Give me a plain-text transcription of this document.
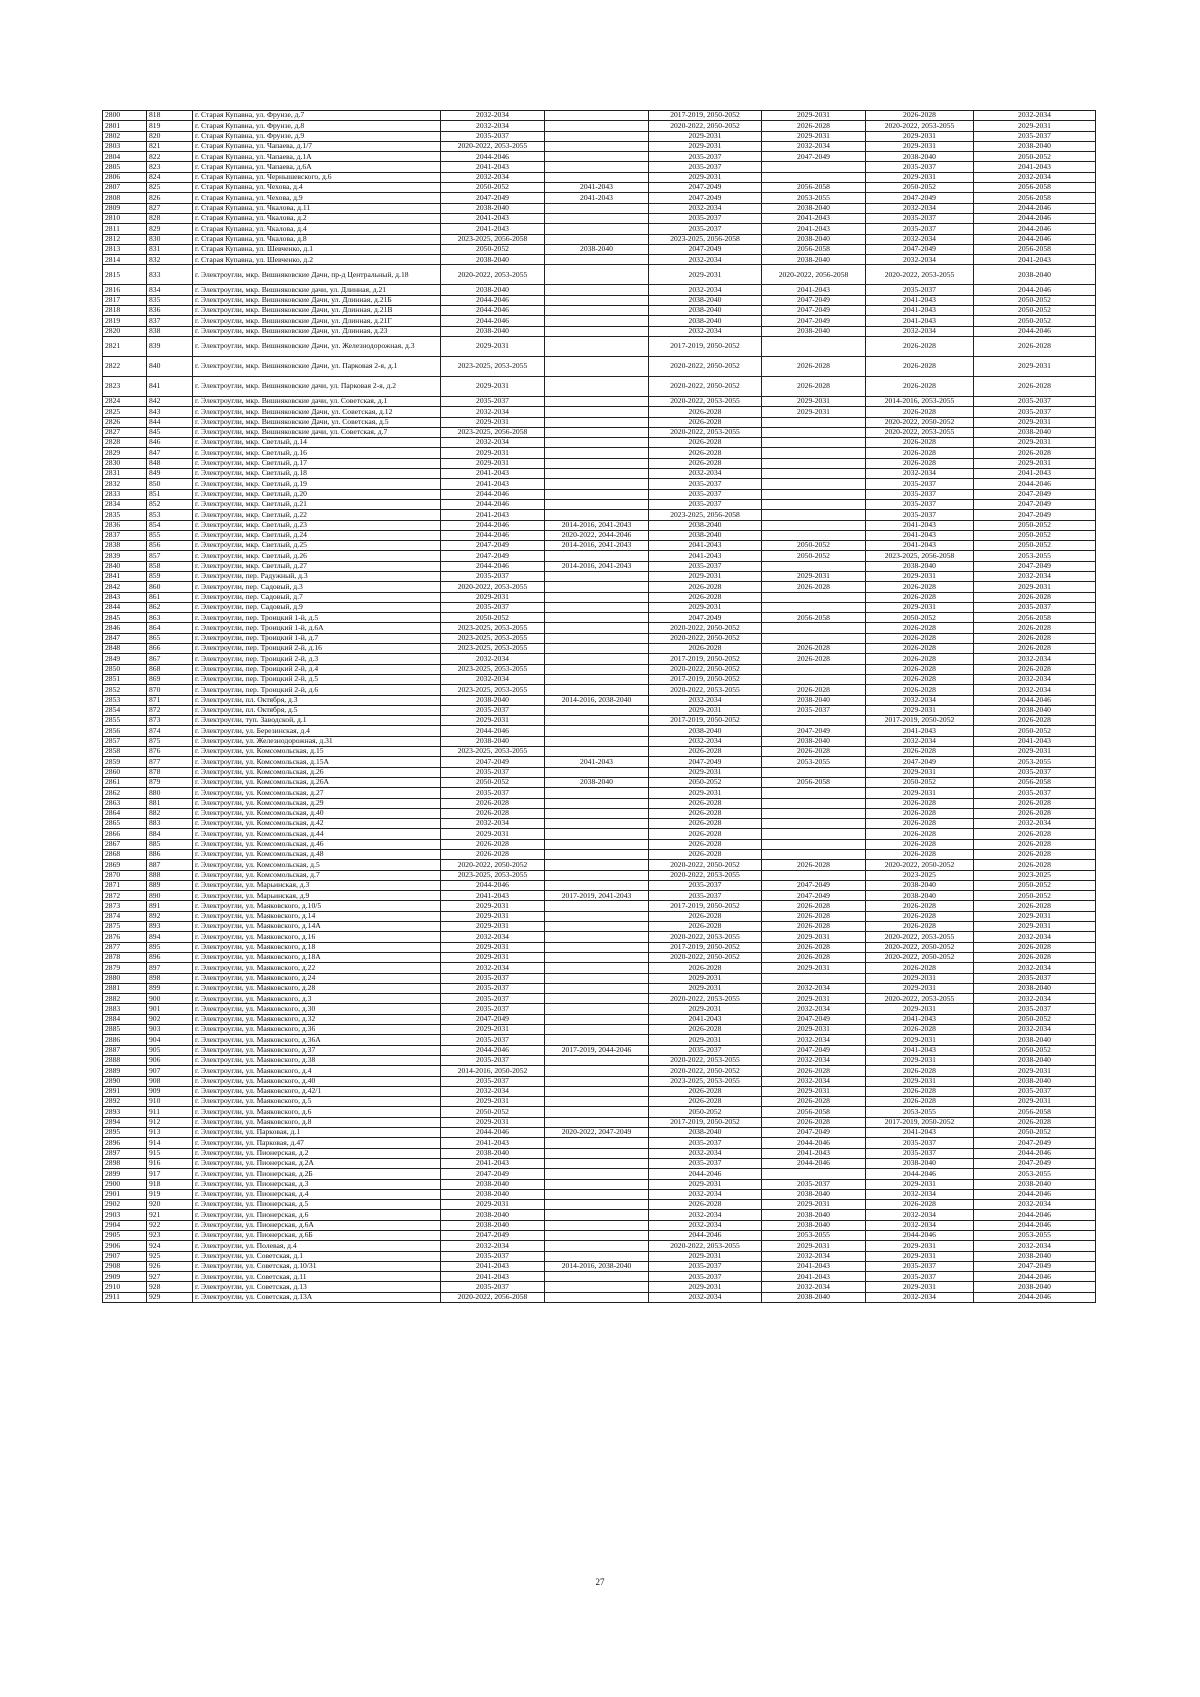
2800	818	г. Старая Купавна, ул. Фрунзе, д.7	2032-2034		2017-2019, 2050-2052	2029-2031	2026-2028	2032-2034
2801	819	г. Старая Купавна, ул. Фрунзе, д.8	2032-2034		2020-2022, 2050-2052	2026-2028	2020-2022, 2053-2055	2029-2031
2802	820	г. Старая Купавна, ул. Фрунзе, д.9	2035-2037		2029-2031	2029-2031	2029-2031	2035-2037
2803	821	г. Старая Купавна, ул. Чапаева, д.1/7	2020-2022, 2053-2055		2029-2031	2032-2034	2029-2031	2038-2040
2804	822	г. Старая Купавна, ул. Чапаева, д.1А	2044-2046		2035-2037	2047-2049	2038-2040	2050-2052
2805	823	г. Старая Купавна, ул. Чапаева, д.6А	2041-2043		2035-2037		2035-2037	2041-2043
2806	824	г. Старая Купавна, ул. Чернышевского, д.6	2032-2034		2029-2031		2029-2031	2032-2034
2807	825	г. Старая Купавна, ул. Чехова, д.4	2050-2052	2041-2043	2047-2049	2056-2058	2050-2052	2056-2058
2808	826	г. Старая Купавна, ул. Чехова, д.9	2047-2049	2041-2043	2047-2049	2053-2055	2047-2049	2056-2058
2809	827	г. Старая Купавна, ул. Чкалова, д.11	2038-2040		2032-2034	2038-2040	2032-2034	2044-2046
2810	828	г. Старая Купавна, ул. Чкалова, д.2	2041-2043		2035-2037	2041-2043	2035-2037	2044-2046
2811	829	г. Старая Купавна, ул. Чкалова, д.4	2041-2043		2035-2037	2041-2043	2035-2037	2044-2046
2812	830	г. Старая Купавна, ул. Чкалова, д.8	2023-2025, 2056-2058		2023-2025, 2056-2058	2038-2040	2032-2034	2044-2046
2813	831	г. Старая Купавна, ул. Шевченко, д.1	2050-2052	2038-2040	2047-2049	2056-2058	2047-2049	2056-2058
2814	832	г. Старая Купавна, ул. Шевченко, д.2	2038-2040		2032-2034	2038-2040	2032-2034	2041-2043
2815	833	г. Электроугли, мкр. Вишняковские Дачи, пр-д Центральный, д.18	2020-2022, 2053-2055		2029-2031	2020-2022, 2056-2058	2020-2022, 2053-2055	2038-2040
2816	834	г. Электроугли, мкр. Вишняковские дачи, ул. Длинная, д.21	2038-2040		2032-2034	2041-2043	2035-2037	2044-2046
2817	835	г. Электроугли, мкр. Вишняковские Дачи, ул. Длинная, д.21Б	2044-2046		2038-2040	2047-2049	2041-2043	2050-2052
2818	836	г. Электроугли, мкр. Вишняковские Дачи, ул. Длинная, д.21В	2044-2046		2038-2040	2047-2049	2041-2043	2050-2052
2819	837	г. Электроугли, мкр. Вишняковские Дачи, ул. Длинная, д.21Г	2044-2046		2038-2040	2047-2049	2041-2043	2050-2052
2820	838	г. Электроугли, мкр. Вишняковские Дачи, ул. Длинная, д.23	2038-2040		2032-2034	2038-2040	2032-2034	2044-2046
2821	839	г. Электроугли, мкр. Вишняковские Дачи, ул. Железнодорожная, д.3	2029-2031		2017-2019, 2050-2052		2026-2028	2026-2028
2822	840	г. Электроугли, мкр. Вишняковские Дачи, ул. Парковая 2-я, д.1	2023-2025, 2053-2055		2020-2022, 2050-2052	2026-2028	2026-2028	2029-2031
2823	841	г. Электроугли, мкр. Вишняковские дачи, ул. Парковая 2-я, д.2	2029-2031		2020-2022, 2050-2052	2026-2028	2026-2028	2026-2028
2824	842	г. Электроугли, мкр. Вишняковские дачи, ул. Советская, д.1	2035-2037		2020-2022, 2053-2055	2029-2031	2014-2016, 2053-2055	2035-2037
2825	843	г. Электроугли, мкр. Вишняковские Дачи, ул. Советская, д.12	2032-2034		2026-2028	2029-2031	2026-2028	2035-2037
2826	844	г. Электроугли, мкр. Вишняковские Дачи, ул. Советская, д.5	2029-2031		2026-2028		2020-2022, 2050-2052	2029-2031
2827	845	г. Электроугли, мкр. Вишняковские дачи, ул. Советская, д.7	2023-2025, 2056-2058		2020-2022, 2053-2055		2020-2022, 2053-2055	2038-2040
2828	846	г. Электроугли, мкр. Светлый, д.14	2032-2034		2026-2028		2026-2028	2029-2031
2829	847	г. Электроугли, мкр. Светлый, д.16	2029-2031		2026-2028		2026-2028	2026-2028
2830	848	г. Электроугли, мкр. Светлый, д.17	2029-2031		2026-2028		2026-2028	2029-2031
2831	849	г. Электроугли, мкр. Светлый, д.18	2041-2043		2032-2034		2032-2034	2041-2043
2832	850	г. Электроугли, мкр. Светлый, д.19	2041-2043		2035-2037		2035-2037	2044-2046
2833	851	г. Электроугли, мкр. Светлый, д.20	2044-2046		2035-2037		2035-2037	2047-2049
2834	852	г. Электроугли, мкр. Светлый, д.21	2044-2046		2035-2037		2035-2037	2047-2049
2835	853	г. Электроугли, мкр. Светлый, д.22	2041-2043		2023-2025, 2056-2058		2035-2037	2047-2049
2836	854	г. Электроугли, мкр. Светлый, д.23	2044-2046	2014-2016, 2041-2043	2038-2040		2041-2043	2050-2052
2837	855	г. Электроугли, мкр. Светлый, д.24	2044-2046	2020-2022, 2044-2046	2038-2040		2041-2043	2050-2052
2838	856	г. Электроугли, мкр. Светлый, д.25	2047-2049	2014-2016, 2041-2043	2041-2043	2050-2052	2041-2043	2050-2052
2839	857	г. Электроугли, мкр. Светлый, д.26	2047-2049		2041-2043	2050-2052	2023-2025, 2056-2058	2053-2055
2840	858	г. Электроугли, мкр. Светлый, д.27	2044-2046	2014-2016, 2041-2043	2035-2037		2038-2040	2047-2049
2841	859	г. Электроугли, пер. Радужный, д.3	2035-2037		2029-2031	2029-2031	2029-2031	2032-2034
2842	860	г. Электроугли, пер. Садовый, д.3	2020-2022, 2053-2055		2026-2028	2026-2028	2026-2028	2029-2031
2843	861	г. Электроугли, пер. Садовый, д.7	2029-2031		2026-2028		2026-2028	2026-2028
2844	862	г. Электроугли, пер. Садовый, д.9	2035-2037		2029-2031		2029-2031	2035-2037
2845	863	г. Электроугли, пер. Троицкий 1-й, д.5	2050-2052		2047-2049	2056-2058	2050-2052	2056-2058
2846	864	г. Электроугли, пер. Троицкий 1-й, д.6А	2023-2025, 2053-2055		2020-2022, 2050-2052		2026-2028	2026-2028
2847	865	г. Электроугли, пер. Троицкий 1-й, д.7	2023-2025, 2053-2055		2020-2022, 2050-2052		2026-2028	2026-2028
2848	866	г. Электроугли, пер. Троицкий 2-й, д.16	2023-2025, 2053-2055		2026-2028	2026-2028	2026-2028	2026-2028
2849	867	г. Электроугли, пер. Троицкий 2-й, д.3	2032-2034		2017-2019, 2050-2052	2026-2028	2026-2028	2032-2034
2850	868	г. Электроугли, пер. Троицкий 2-й, д.4	2023-2025, 2053-2055		2020-2022, 2050-2052		2026-2028	2026-2028
2851	869	г. Электроугли, пер. Троицкий 2-й, д.5	2032-2034		2017-2019, 2050-2052		2026-2028	2032-2034
2852	870	г. Электроугли, пер. Троицкий 2-й, д.6	2023-2025, 2053-2055		2020-2022, 2053-2055	2026-2028	2026-2028	2032-2034
2853	871	г. Электроугли, пл. Октября, д.3	2038-2040	2014-2016, 2038-2040	2032-2034	2038-2040	2032-2034	2044-2046
2854	872	г. Электроугли, пл. Октября, д.5	2035-2037		2029-2031	2035-2037	2029-2031	2038-2040
2855	873	г. Электроугли, туп. Заводской, д.1	2029-2031		2017-2019, 2050-2052		2017-2019, 2050-2052	2026-2028
2856	874	г. Электроугли, ул. Березинская, д.4	2044-2046		2038-2040	2047-2049	2041-2043	2050-2052
2857	875	г. Электроугли, ул. Железнодорожная, д.31	2038-2040		2032-2034	2038-2040	2032-2034	2041-2043
2858	876	г. Электроугли, ул. Комсомольская, д.15	2023-2025, 2053-2055		2026-2028	2026-2028	2026-2028	2029-2031
2859	877	г. Электроугли, ул. Комсомольская, д.15А	2047-2049	2041-2043	2047-2049	2053-2055	2047-2049	2053-2055
2860	878	г. Электроугли, ул. Комсомольская, д.26	2035-2037		2029-2031		2029-2031	2035-2037
2861	879	г. Электроугли, ул. Комсомольская, д.26А	2050-2052	2038-2040	2050-2052	2056-2058	2050-2052	2056-2058
2862	880	г. Электроугли, ул. Комсомольская, д.27	2035-2037		2029-2031		2029-2031	2035-2037
2863	881	г. Электроугли, ул. Комсомольская, д.29	2026-2028		2026-2028		2026-2028	2026-2028
2864	882	г. Электроугли, ул. Комсомольская, д.40	2026-2028		2026-2028		2026-2028	2026-2028
2865	883	г. Электроугли, ул. Комсомольская, д.42	2032-2034		2026-2028		2026-2028	2032-2034
2866	884	г. Электроугли, ул. Комсомольская, д.44	2029-2031		2026-2028		2026-2028	2026-2028
2867	885	г. Электроугли, ул. Комсомольская, д.46	2026-2028		2026-2028		2026-2028	2026-2028
2868	886	г. Электроугли, ул. Комсомольская, д.48	2026-2028		2026-2028		2026-2028	2026-2028
2869	887	г. Электроугли, ул. Комсомольская, д.5	2020-2022, 2050-2052		2020-2022, 2050-2052	2026-2028	2020-2022, 2050-2052	2026-2028
2870	888	г. Электроугли, ул. Комсомольская, д.7	2023-2025, 2053-2055		2020-2022, 2053-2055		2023-2025	2023-2025
2871	889	г. Электроугли, ул. Марьинская, д.3	2044-2046		2035-2037	2047-2049	2038-2040	2050-2052
2872	890	г. Электроугли, ул. Марьинская, д.9	2041-2043	2017-2019, 2041-2043	2035-2037	2047-2049	2038-2040	2050-2052
2873	891	г. Электроугли, ул. Маяковского, д.10/5	2029-2031		2017-2019, 2050-2052	2026-2028	2026-2028	2026-2028
2874	892	г. Электроугли, ул. Маяковского, д.14	2029-2031		2026-2028	2026-2028	2026-2028	2029-2031
2875	893	г. Электроугли, ул. Маяковского, д.14А	2029-2031		2026-2028	2026-2028	2026-2028	2029-2031
2876	894	г. Электроугли, ул. Маяковского, д.16	2032-2034		2020-2022, 2053-2055	2029-2031	2020-2022, 2053-2055	2032-2034
2877	895	г. Электроугли, ул. Маяковского, д.18	2029-2031		2017-2019, 2050-2052	2026-2028	2020-2022, 2050-2052	2026-2028
2878	896	г. Электроугли, ул. Маяковского, д.18А	2029-2031		2020-2022, 2050-2052	2026-2028	2020-2022, 2050-2052	2026-2028
2879	897	г. Электроугли, ул. Маяковского, д.22	2032-2034		2026-2028	2029-2031	2026-2028	2032-2034
2880	898	г. Электроугли, ул. Маяковского, д.24	2035-2037		2029-2031		2029-2031	2035-2037
2881	899	г. Электроугли, ул. Маяковского, д.28	2035-2037		2029-2031	2032-2034	2029-2031	2038-2040
2882	900	г. Электроугли, ул. Маяковского, д.3	2035-2037		2020-2022, 2053-2055	2029-2031	2020-2022, 2053-2055	2032-2034
2883	901	г. Электроугли, ул. Маяковского, д.30	2035-2037		2029-2031	2032-2034	2029-2031	2035-2037
2884	902	г. Электроугли, ул. Маяковского, д.32	2047-2049		2041-2043	2047-2049	2041-2043	2050-2052
2885	903	г. Электроугли, ул. Маяковского, д.36	2029-2031		2026-2028	2029-2031	2026-2028	2032-2034
2886	904	г. Электроугли, ул. Маяковского, д.36А	2035-2037		2029-2031	2032-2034	2029-2031	2038-2040
2887	905	г. Электроугли, ул. Маяковского, д.37	2044-2046	2017-2019, 2044-2046	2035-2037	2047-2049	2041-2043	2050-2052
2888	906	г. Электроугли, ул. Маяковского, д.38	2035-2037		2020-2022, 2053-2055	2032-2034	2029-2031	2038-2040
2889	907	г. Электроугли, ул. Маяковского, д.4	2014-2016, 2050-2052		2020-2022, 2050-2052	2026-2028	2026-2028	2029-2031
2890	908	г. Электроугли, ул. Маяковского, д.40	2035-2037		2023-2025, 2053-2055	2032-2034	2029-2031	2038-2040
2891	909	г. Электроугли, ул. Маяковского, д.42/1	2032-2034		2026-2028	2029-2031	2026-2028	2035-2037
2892	910	г. Электроугли, ул. Маяковского, д.5	2029-2031		2026-2028	2026-2028	2026-2028	2029-2031
2893	911	г. Электроугли, ул. Маяковского, д.6	2050-2052		2050-2052	2056-2058	2053-2055	2056-2058
2894	912	г. Электроугли, ул. Маяковского, д.8	2029-2031		2017-2019, 2050-2052	2026-2028	2017-2019, 2050-2052	2026-2028
2895	913	г. Электроугли, ул. Парковая, д.1	2044-2046	2020-2022, 2047-2049	2038-2040	2047-2049	2041-2043	2050-2052
2896	914	г. Электроугли, ул. Парковая, д.47	2041-2043		2035-2037	2044-2046	2035-2037	2047-2049
2897	915	г. Электроугли, ул. Пионерская, д.2	2038-2040		2032-2034	2041-2043	2035-2037	2044-2046
2898	916	г. Электроугли, ул. Пионерская, д.2А	2041-2043		2035-2037	2044-2046	2038-2040	2047-2049
2899	917	г. Электроугли, ул. Пионерская, д.2Б	2047-2049		2044-2046		2044-2046	2053-2055
2900	918	г. Электроугли, ул. Пионерская, д.3	2038-2040		2029-2031	2035-2037	2029-2031	2038-2040
2901	919	г. Электроугли, ул. Пионерская, д.4	2038-2040		2032-2034	2038-2040	2032-2034	2044-2046
2902	920	г. Электроугли, ул. Пионерская, д.5	2029-2031		2026-2028	2029-2031	2026-2028	2032-2034
2903	921	г. Электроугли, ул. Пионерская, д.6	2038-2040		2032-2034	2038-2040	2032-2034	2044-2046
2904	922	г. Электроугли, ул. Пионерская, д.6А	2038-2040		2032-2034	2038-2040	2032-2034	2044-2046
2905	923	г. Электроугли, ул. Пионерская, д.6Б	2047-2049		2044-2046	2053-2055	2044-2046	2053-2055
2906	924	г. Электроугли, ул. Полевая, д.4	2032-2034		2020-2022, 2053-2055	2029-2031	2029-2031	2032-2034
2907	925	г. Электроугли, ул. Советская, д.1	2035-2037		2029-2031	2032-2034	2029-2031	2038-2040
2908	926	г. Электроугли, ул. Советская, д.10/31	2041-2043	2014-2016, 2038-2040	2035-2037	2041-2043	2035-2037	2047-2049
2909	927	г. Электроугли, ул. Советская, д.11	2041-2043		2035-2037	2041-2043	2035-2037	2044-2046
2910	928	г. Электроугли, ул. Советская, д.13	2035-2037		2029-2031	2032-2034	2029-2031	2038-2040
2911	929	г. Электроугли, ул. Советская, д.13А	2020-2022, 2056-2058		2032-2034	2038-2040	2032-2034	2044-2046
27
